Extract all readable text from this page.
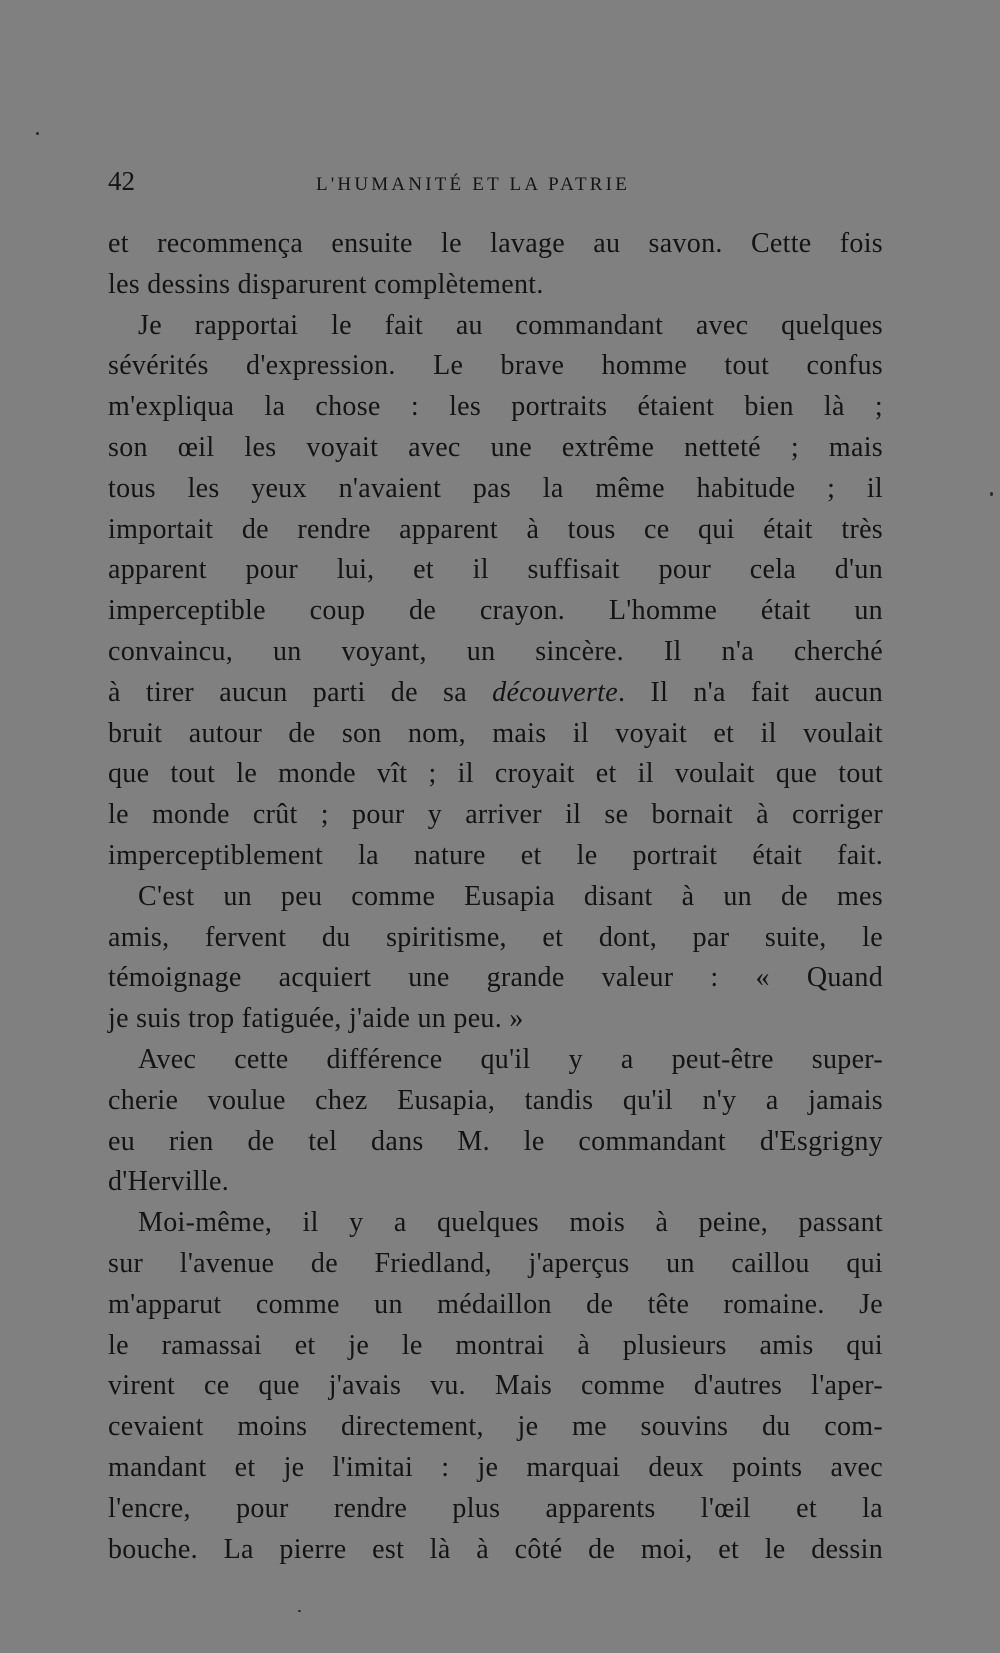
42	L'HUMANITÉ ET LA PATRIE
et recommença ensuite le lavage au savon. Cette fois
les dessins disparurent complètement.
Je rapportai le fait au commandant avec quelques
sévérités d'expression. Le brave homme tout confus
m'expliqua la chose : les portraits étaient bien là ;
son œil les voyait avec une extrême netteté ; mais
tous les yeux n'avaient pas la même habitude ; il
importait de rendre apparent à tous ce qui était très
apparent pour lui, et il suffisait pour cela d'un
imperceptible coup de crayon. L'homme était un
convaincu, un voyant, un sincère. Il n'a cherché
à tirer aucun parti de sa découverte. Il n'a fait aucun
bruit autour de son nom, mais il voyait et il voulait
que tout le monde vît ; il croyait et il voulait que tout
le monde crût ; pour y arriver il se bornait à corriger
imperceptiblement la nature et le portrait était fait.
C'est un peu comme Eusapia disant à un de mes
amis, fervent du spiritisme, et dont, par suite, le
témoignage acquiert une grande valeur : « Quand
je suis trop fatiguée, j'aide un peu. »
Avec cette différence qu'il y a peut-être super-
cherie voulue chez Eusapia, tandis qu'il n'y a jamais
eu rien de tel dans M. le commandant d'Esgrigny
d'Herville.
Moi-même, il y a quelques mois à peine, passant
sur l'avenue de Friedland, j'aperçus un caillou qui
m'apparut comme un médaillon de tête romaine. Je
le ramassai et je le montrai à plusieurs amis qui
virent ce que j'avais vu. Mais comme d'autres l'aper-
cevaient moins directement, je me souvins du com-
mandant et je l'imitai : je marquai deux points avec
l'encre, pour rendre plus apparents l'œil et la
bouche. La pierre est là à côté de moi, et le dessin
